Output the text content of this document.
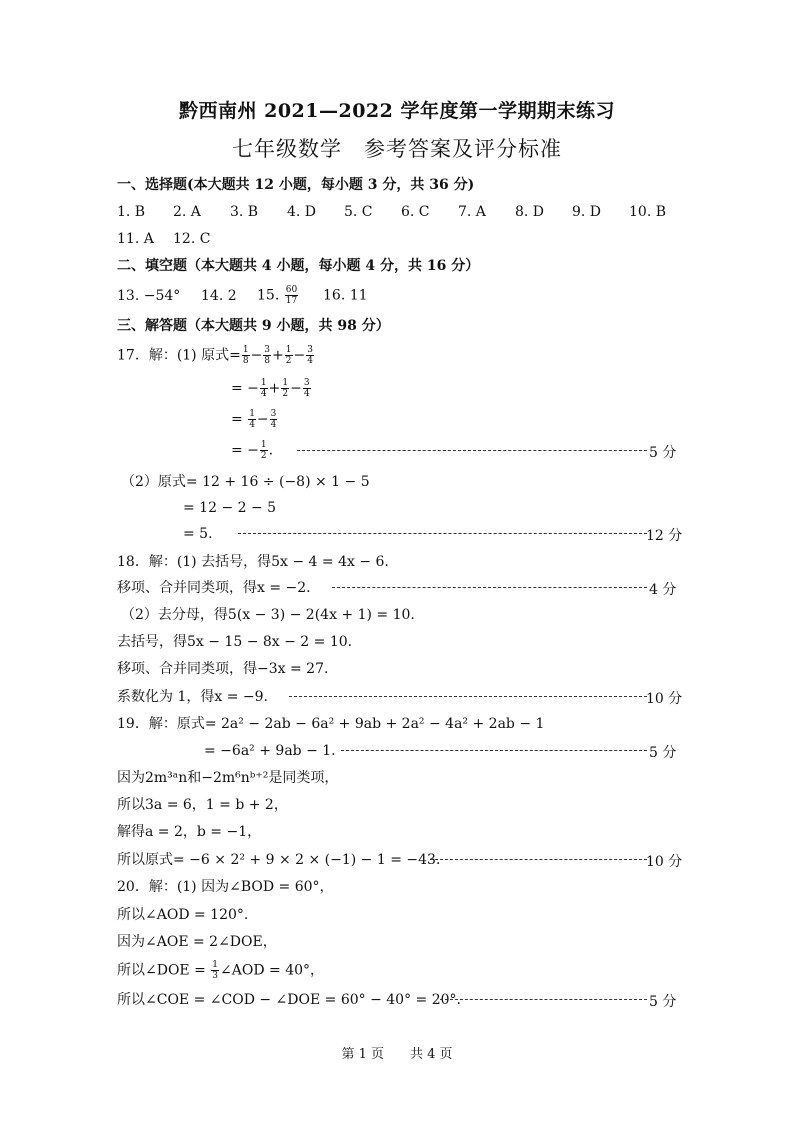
黔西南州 2021—2022 学年度第一学期期末练习
七年级数学　参考答案及评分标准
一、选择题(本大题共 12 小题，每小题 3 分，共 36 分)
1. B 2. A 3. B 4. D 5. C 6. C 7. A 8. D 9. D 10. B
11. A 12. C
二、填空题（本大题共 4 小题，每小题 4 分，共 16 分）
13. −54° 14. 2 15. $\frac{60}{17} 16$. 11
三、解答题（本大题共 9 小题，共 98 分）
17．解：(1) 原式= $\frac{1}{8} - \frac{3}{8} + \frac{1}{2} - \frac{3}{4}$
= − $\frac{1}{4} + \frac{1}{2} - \frac{3}{4}$
= $\frac{1}{4} - \frac{3}{4}$
= − $\frac{1}{2}$ .	5 分
（2）原式= 12 + 16 ÷ (−8) × 1 − 5
= 12 − 2 − 5
= 5.	12 分
18．解：(1) 去括号，得5x − 4 = 4x − 6.
移项、合并同类项，得x = −2.	4 分
（2）去分母，得5(x − 3) − 2(4x + 1) = 10.
去括号，得5x − 15 − 8x − 2 = 10.
移项、合并同类项，得−3x = 27.
系数化为 1，得x = −9.	10 分
19．解：原式= 2a² − 2ab − 6a² + 9ab + 2a² − 4a² + 2ab − 1
= −6a² + 9ab − 1.	5 分
因为2m³ᵃn和−2m⁶nᵇ⁺²是同类项，
所以3a = 6，1 = b + 2，
解得a = 2，b = −1，
所以原式= −6 × 2² + 9 × 2 × (−1) − 1 = −43.	10 分
20．解：(1) 因为∠BOD = 60°，
所以∠AOD = 120°.
因为∠AOE = 2∠DOE，
所以∠DOE = $\frac{1}{3}$ ∠AOD = 40°，
所以∠COE = ∠COD − ∠DOE = 60° − 40° = 20°.	5 分
第 1 页　　共 4 页
